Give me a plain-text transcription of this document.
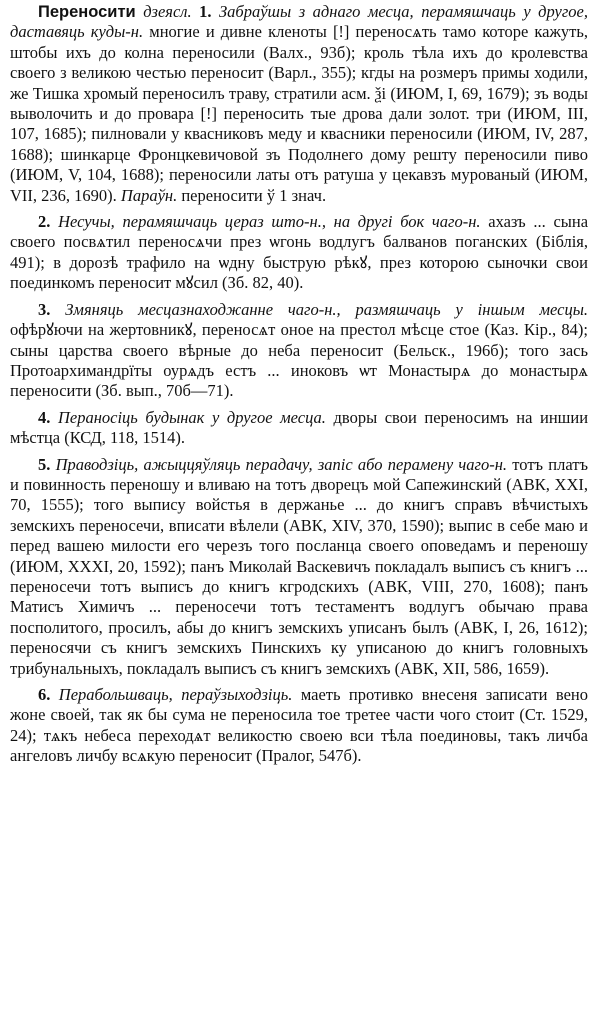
Переносити дзеясл. 1. Забраўшы з аднаго месца, перамяшчаць у другое, даставяць куды-н. многие и дивне кленоты [!] переносѧть тамо которе кажуть, штобы ихъ до колна переносили (Валх., 93б); кроль тѣла ихъ до кролевства своего з великою честью переносит (Варл., 355); кгды на розмеръ примы ходили, же Тишка хромый переносилъ траву, стратили асм. ѯі (ИЮМ, I, 69, 1679); зъ воды выволочить и до провара [!] переносить тые дрова дали золот. три (ИЮМ, III, 107, 1685); пилновали у квасниковъ меду и квасники переносили (ИЮМ, IV, 287, 1688); шинкарце Фронцкевичовой зъ Подолнего дому решту переносили пиво (ИЮМ, V, 104, 1688); переносили латы отъ ратуша у цекавзъ мурованый (ИЮМ, VII, 236, 1690). Параўн. переносити ў 1 знач.

2. Несучы, перамяшчаць цераз што-н., на другі бок чаго-н. ахазъ ... сына своего посвѧтил переносѧчи през ѡгонь водлугъ балванов поганских (Біблія, 491); в дорозѣ трафило на ѡдну быструю рѣкꙋ, през которою сыночки свои поединкомъ переносит мꙋсил (Зб. 82, 40).

3. Змяняць месцазнаходжанне чаго-н., размяшчаць у іншым месцы. офѣрꙋючи на жертовникꙋ, переносѧт оное на престол мѣсце стое (Каз. Кір., 84); сыны царства своего вѣрные до неба переносит (Бельск., 196б); того зась Протоархимандрїты оурѧдъ естъ ... иноковъ ѡт Монастырѧ до монастырѧ переносити (Зб. вып., 70б—71).

4. Пераносіць будынак у другое месца. дворы свои переносимъ на иншии мѣстца (КСД, 118, 1514).

5. Праводзіць, ажыццяўляць перадачу, запіс або перамену чаго-н. тотъ платъ и повинность переношу и вливаю на тотъ дворецъ мой Сапежинский (АВК, XXI, 70, 1555); того выпису войстья в держанье ... до книгъ справъ вѣчистыхъ земскихъ переносечи, вписати вѣлели (АВК, XIV, 370, 1590); выпис в себе маю и перед вашею милости его черезъ того посланца своего оповедамъ и переношу (ИЮМ, XXXI, 20, 1592); панъ Миколай Васкевичъ покладалъ выписъ съ книгъ ... переносечи тотъ выписъ до книгъ кгродскихъ (АВК, VIII, 270, 1608); панъ Матисъ Химичъ ... переносечи тотъ тестаментъ водлугъ обычаю права посполитого, просилъ, абы до книгъ земскихъ уписанъ былъ (АВК, I, 26, 1612); переносячи съ книгъ земскихъ Пинскихъ ку уписаною до книгъ головныхъ трибунальныхъ, покладалъ выписъ съ книгъ земскихъ (АВК, XII, 586, 1659).

6. Перабольшваць, пераўзыходзіць. маеть противко внесеня записати вено жоне своей, так як бы сума не переносила тое третее части чого стоит (Ст. 1529, 24); тѧкъ небеса переходѧт великостю своею вси тѣла поединовы, такъ личба ангеловъ личбу всѧкую переносит (Пралог, 547б).
